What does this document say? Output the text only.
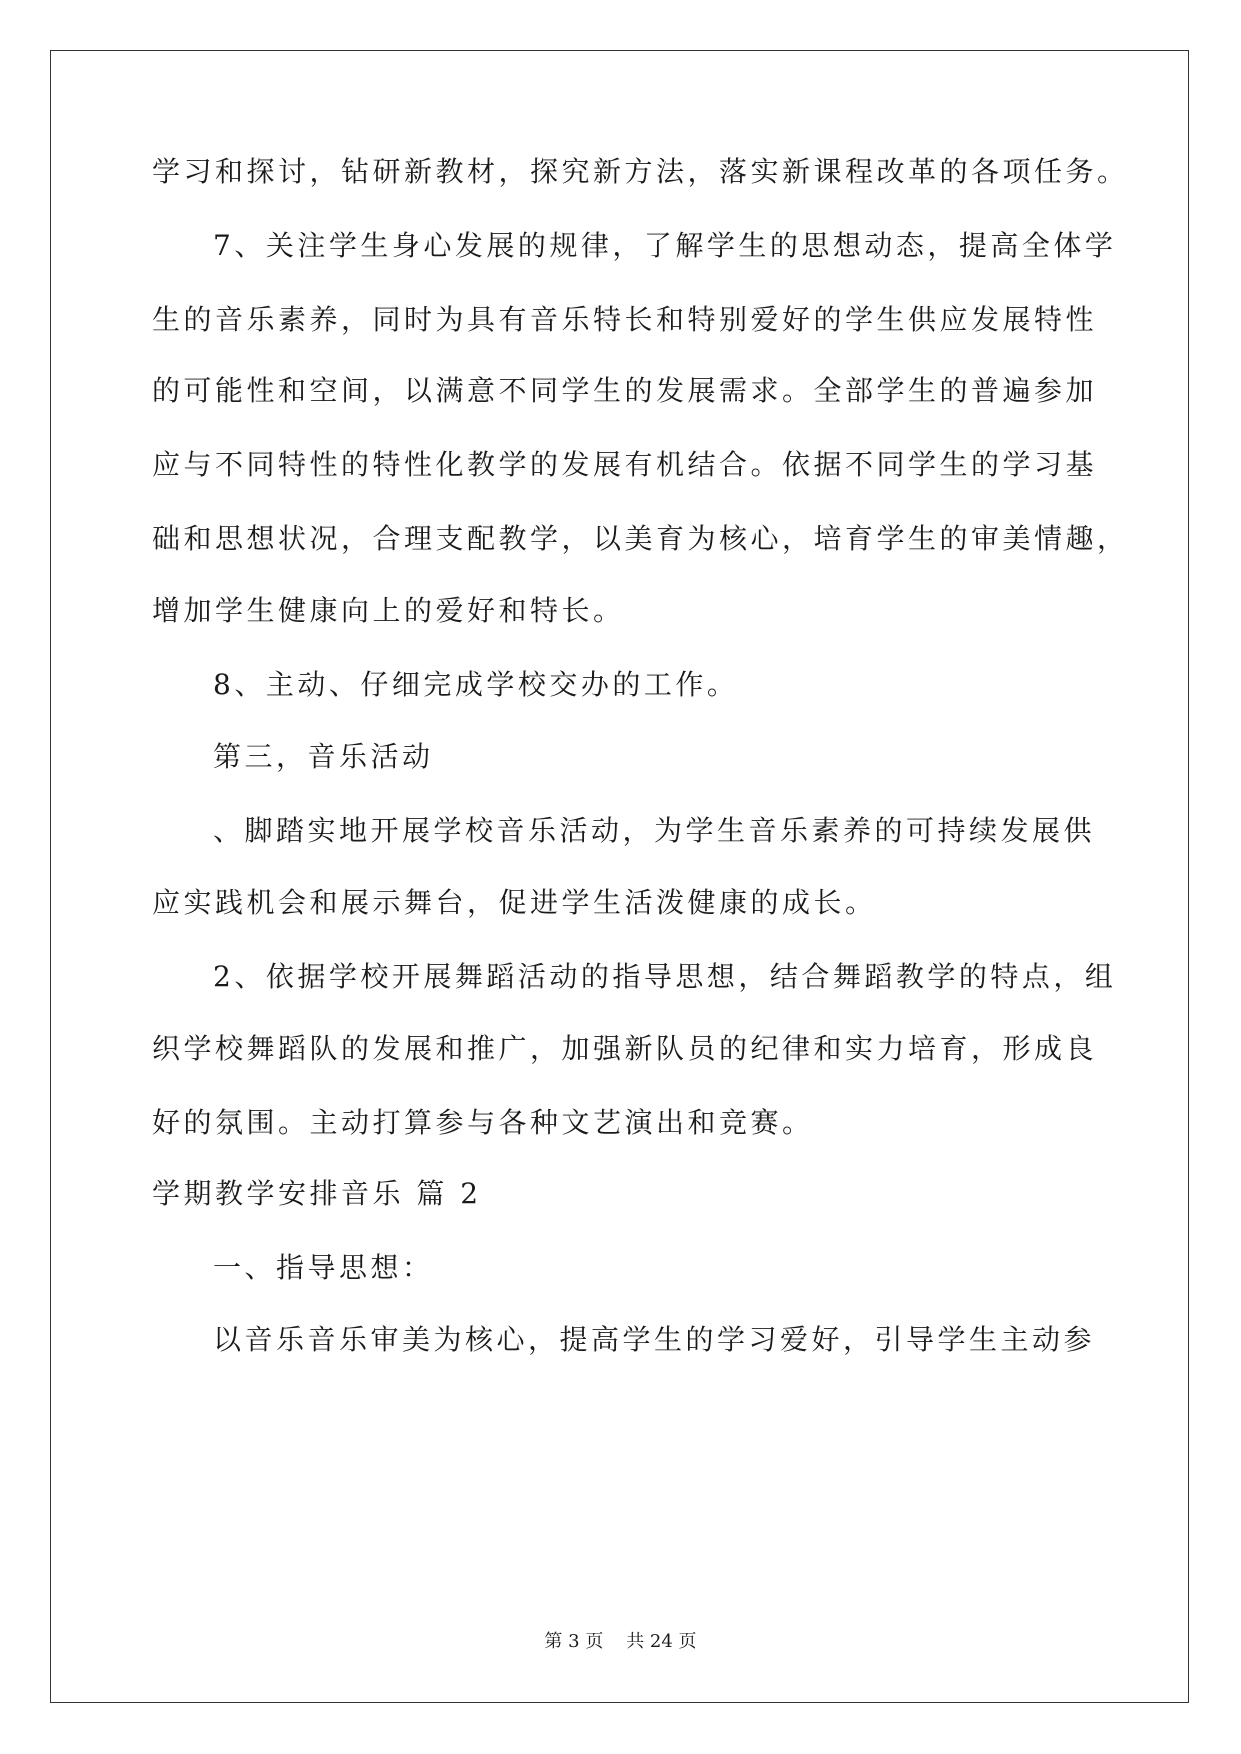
学习和探讨，钻研新教材，探究新方法，落实新课程改革的各项任务。
7、关注学生身心发展的规律，了解学生的思想动态，提高全体学
生的音乐素养，同时为具有音乐特长和特别爱好的学生供应发展特性
的可能性和空间，以满意不同学生的发展需求。全部学生的普遍参加
应与不同特性的特性化教学的发展有机结合。依据不同学生的学习基
础和思想状况，合理支配教学，以美育为核心，培育学生的审美情趣，
增加学生健康向上的爱好和特长。
8、主动、仔细完成学校交办的工作。
第三，音乐活动
、脚踏实地开展学校音乐活动，为学生音乐素养的可持续发展供
应实践机会和展示舞台，促进学生活泼健康的成长。
2、依据学校开展舞蹈活动的指导思想，结合舞蹈教学的特点，组
织学校舞蹈队的发展和推广，加强新队员的纪律和实力培育，形成良
好的氛围。主动打算参与各种文艺演出和竞赛。
学期教学安排音乐 篇 2
一、指导思想：
以音乐音乐审美为核心，提高学生的学习爱好，引导学生主动参
第 3 页    共 24 页
